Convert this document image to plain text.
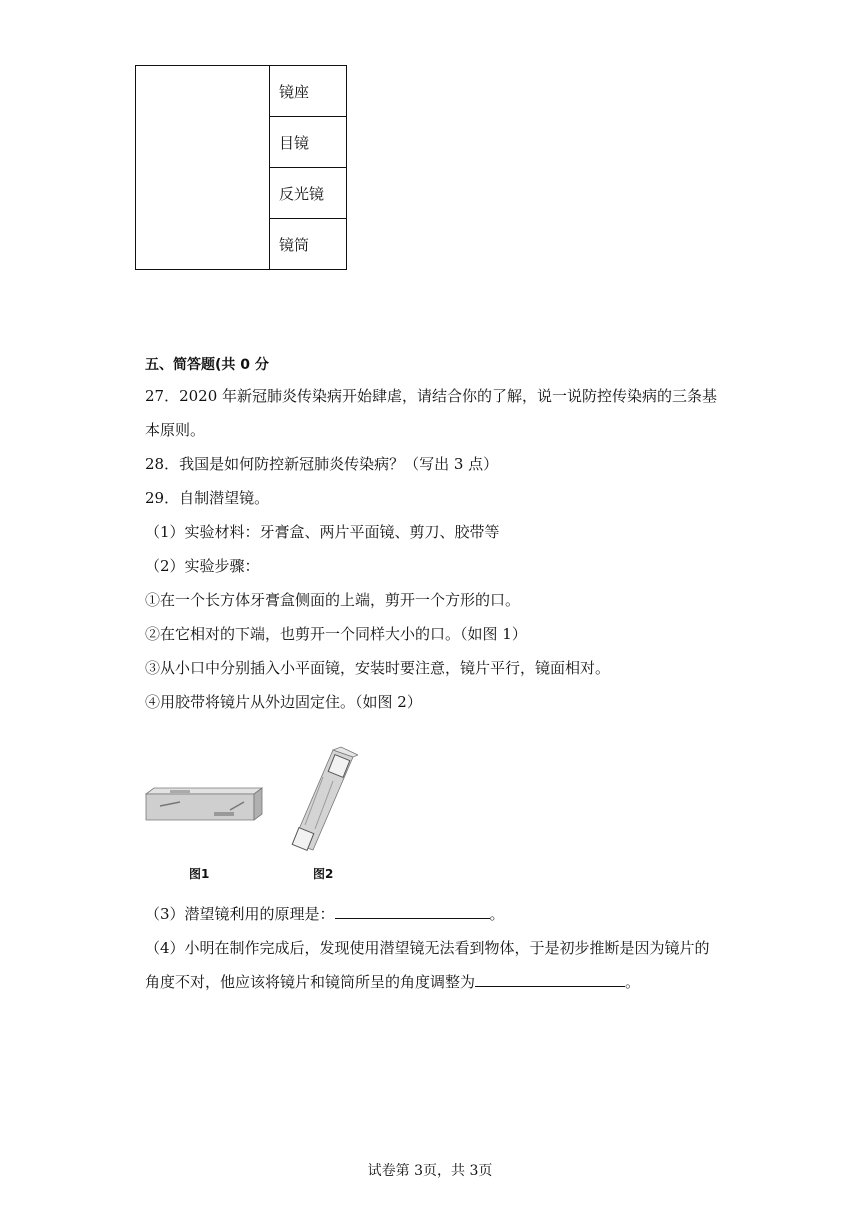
	镜座
目镜
反光镜
镜筒
五、简答题(共 0 分
27．2020 年新冠肺炎传染病开始肆虐，请结合你的了解，说一说防控传染病的三条基
本原则。
28．我国是如何防控新冠肺炎传染病？（写出 3 点）
29．自制潜望镜。
（1）实验材料：牙膏盒、两片平面镜、剪刀、胶带等
（2）实验步骤：
①在一个长方体牙膏盒侧面的上端，剪开一个方形的口。
②在它相对的下端，也剪开一个同样大小的口。（如图 1）
③从小口中分别插入小平面镜，安装时要注意，镜片平行，镜面相对。
④用胶带将镜片从外边固定住。（如图 2）
图1	图2
（3）潜望镜利用的原理是：	。
（4）小明在制作完成后，发现使用潜望镜无法看到物体，于是初步推断是因为镜片的
角度不对，他应该将镜片和镜筒所呈的角度调整为	。
试卷第 3页，共 3页
